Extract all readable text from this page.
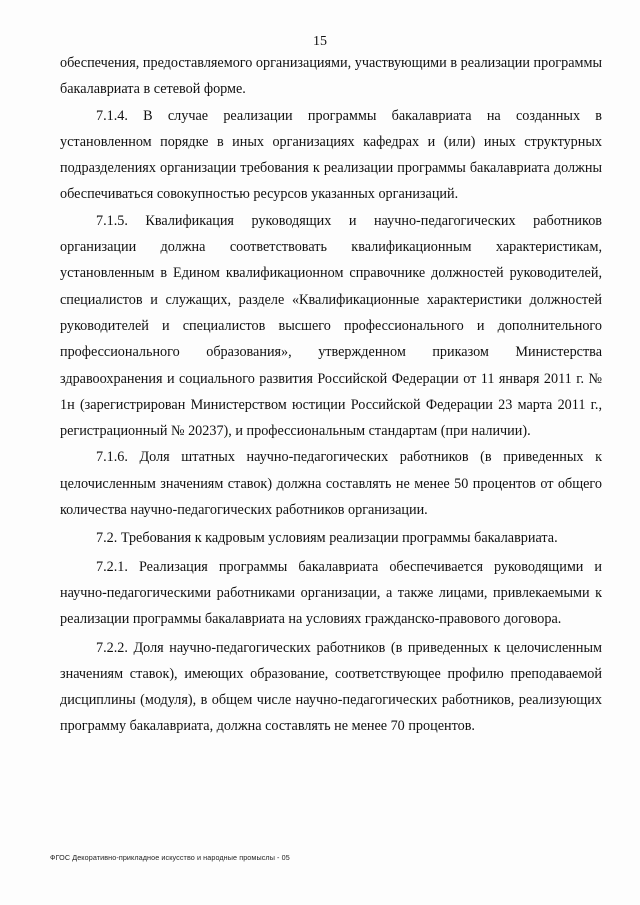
15

обеспечения, предоставляемого организациями, участвующими в реализации программы бакалавриата в сетевой форме.

7.1.4. В случае реализации программы бакалавриата на созданных в установленном порядке в иных организациях кафедрах и (или) иных структурных подразделениях организации требования к реализации программы бакалавриата должны обеспечиваться совокупностью ресурсов указанных организаций.

7.1.5. Квалификация руководящих и научно-педагогических работников организации должна соответствовать квалификационным характеристикам, установленным в Едином квалификационном справочнике должностей руководителей, специалистов и служащих, разделе «Квалификационные характеристики должностей руководителей и специалистов высшего профессионального и дополнительного профессионального образования», утвержденном приказом Министерства здравоохранения и социального развития Российской Федерации от 11 января 2011 г. № 1н (зарегистрирован Министерством юстиции Российской Федерации 23 марта 2011 г., регистрационный № 20237), и профессиональным стандартам (при наличии).

7.1.6. Доля штатных научно-педагогических работников (в приведенных к целочисленным значениям ставок) должна составлять не менее 50 процентов от общего количества научно-педагогических работников организации.

7.2. Требования к кадровым условиям реализации программы бакалавриата.

7.2.1. Реализация программы бакалавриата обеспечивается руководящими и научно-педагогическими работниками организации, а также лицами, привлекаемыми к реализации программы бакалавриата на условиях гражданско-правового договора.

7.2.2. Доля научно-педагогических работников (в приведенных к целочисленным значениям ставок), имеющих образование, соответствующее профилю преподаваемой дисциплины (модуля), в общем числе научно-педагогических работников, реализующих программу бакалавриата, должна составлять не менее 70 процентов.

ФГОС Декоративно-прикладное искусство и народные промыслы - 05
